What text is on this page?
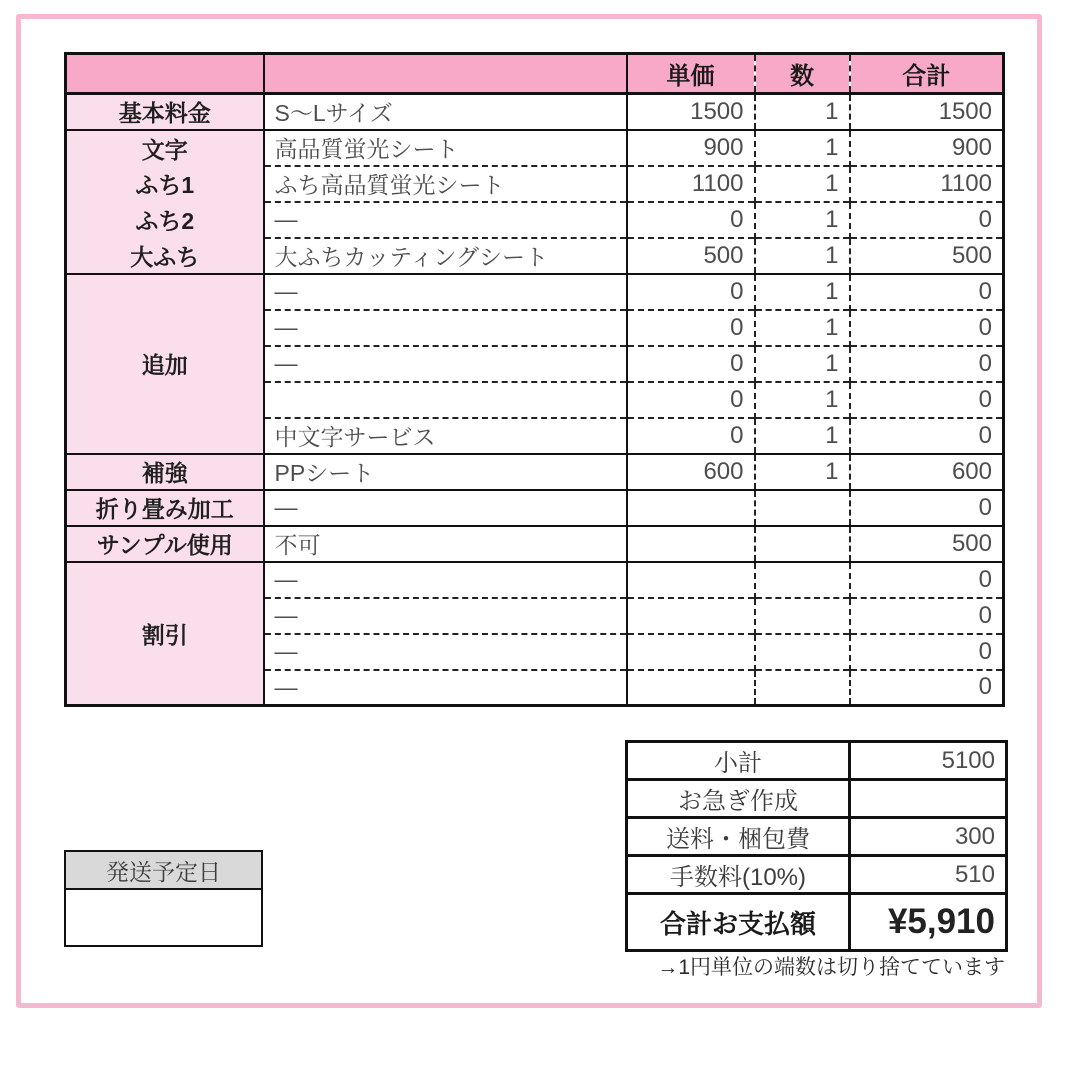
		単価	数	合計
基本料金	S〜Lサイズ	1500	1	1500
文字	高品質蛍光シート	900	1	900
ふち1	ふち高品質蛍光シート	1100	1	1100
ふち2	—	0	1	0
大ふち	大ふちカッティングシート	500	1	500
追加	—	0	1	0
	—	0	1	0
	—	0	1	0
		0	1	0
	中文字サービス	0	1	0
補強	PPシート	600	1	600
折り畳み加工	—			0
サンプル使用	不可			500
割引	—			0
	—			0
	—			0
	—			0
小計	5100
お急ぎ作成	
送料・梱包費	300
手数料(10%)	510
合計お支払額	¥5,910
→1円単位の端数は切り捨てています
発送予定日
